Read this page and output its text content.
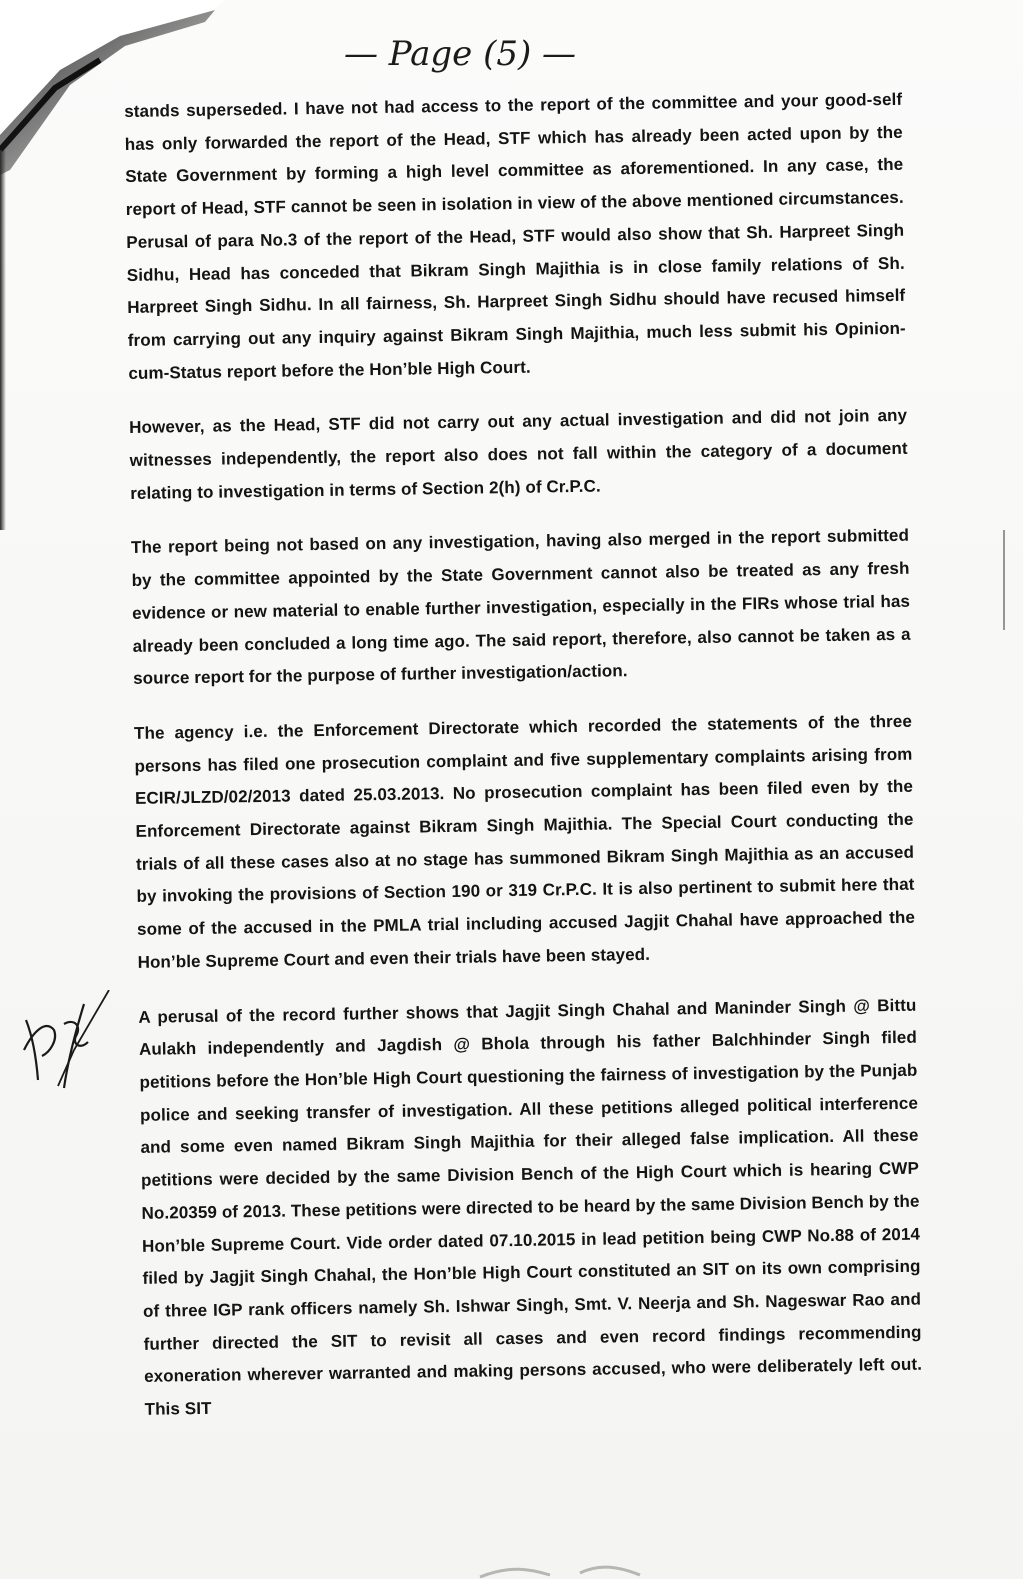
— Page (5) —

stands superseded. I have not had access to the report of the committee and your good-self has only forwarded the report of the Head, STF which has already been acted upon by the State Government by forming a high level committee as aforementioned. In any case, the report of Head, STF cannot be seen in isolation in view of the above mentioned circumstances. Perusal of para No.3 of the report of the Head, STF would also show that Sh. Harpreet Singh Sidhu, Head has conceded that Bikram Singh Majithia is in close family relations of Sh. Harpreet Singh Sidhu. In all fairness, Sh. Harpreet Singh Sidhu should have recused himself from carrying out any inquiry against Bikram Singh Majithia, much less submit his Opinion-cum-Status report before the Hon’ble High Court.

However, as the Head, STF did not carry out any actual investigation and did not join any witnesses independently, the report also does not fall within the category of a document relating to investigation in terms of Section 2(h) of Cr.P.C.

The report being not based on any investigation, having also merged in the report submitted by the committee appointed by the State Government cannot also be treated as any fresh evidence or new material to enable further investigation, especially in the FIRs whose trial has already been concluded a long time ago. The said report, therefore, also cannot be taken as a source report for the purpose of further investigation/action.

The agency i.e. the Enforcement Directorate which recorded the statements of the three persons has filed one prosecution complaint and five supplementary complaints arising from ECIR/JLZD/02/2013 dated 25.03.2013. No prosecution complaint has been filed even by the Enforcement Directorate against Bikram Singh Majithia. The Special Court conducting the trials of all these cases also at no stage has summoned Bikram Singh Majithia as an accused by invoking the provisions of Section 190 or 319 Cr.P.C. It is also pertinent to submit here that some of the accused in the PMLA trial including accused Jagjit Chahal have approached the Hon’ble Supreme Court and even their trials have been stayed.

A perusal of the record further shows that Jagjit Singh Chahal and Maninder Singh @ Bittu Aulakh independently and Jagdish @ Bhola through his father Balchhinder Singh filed petitions before the Hon’ble High Court questioning the fairness of investigation by the Punjab police and seeking transfer of investigation. All these petitions alleged political interference and some even named Bikram Singh Majithia for their alleged false implication. All these petitions were decided by the same Division Bench of the High Court which is hearing CWP No.20359 of 2013. These petitions were directed to be heard by the same Division Bench by the Hon’ble Supreme Court. Vide order dated 07.10.2015 in lead petition being CWP No.88 of 2014 filed by Jagjit Singh Chahal, the Hon’ble High Court constituted an SIT on its own comprising of three IGP rank officers namely Sh. Ishwar Singh, Smt. V. Neerja and Sh. Nageswar Rao and further directed the SIT to revisit all cases and even record findings recommending exoneration wherever warranted and making persons accused, who were deliberately left out. This SIT
